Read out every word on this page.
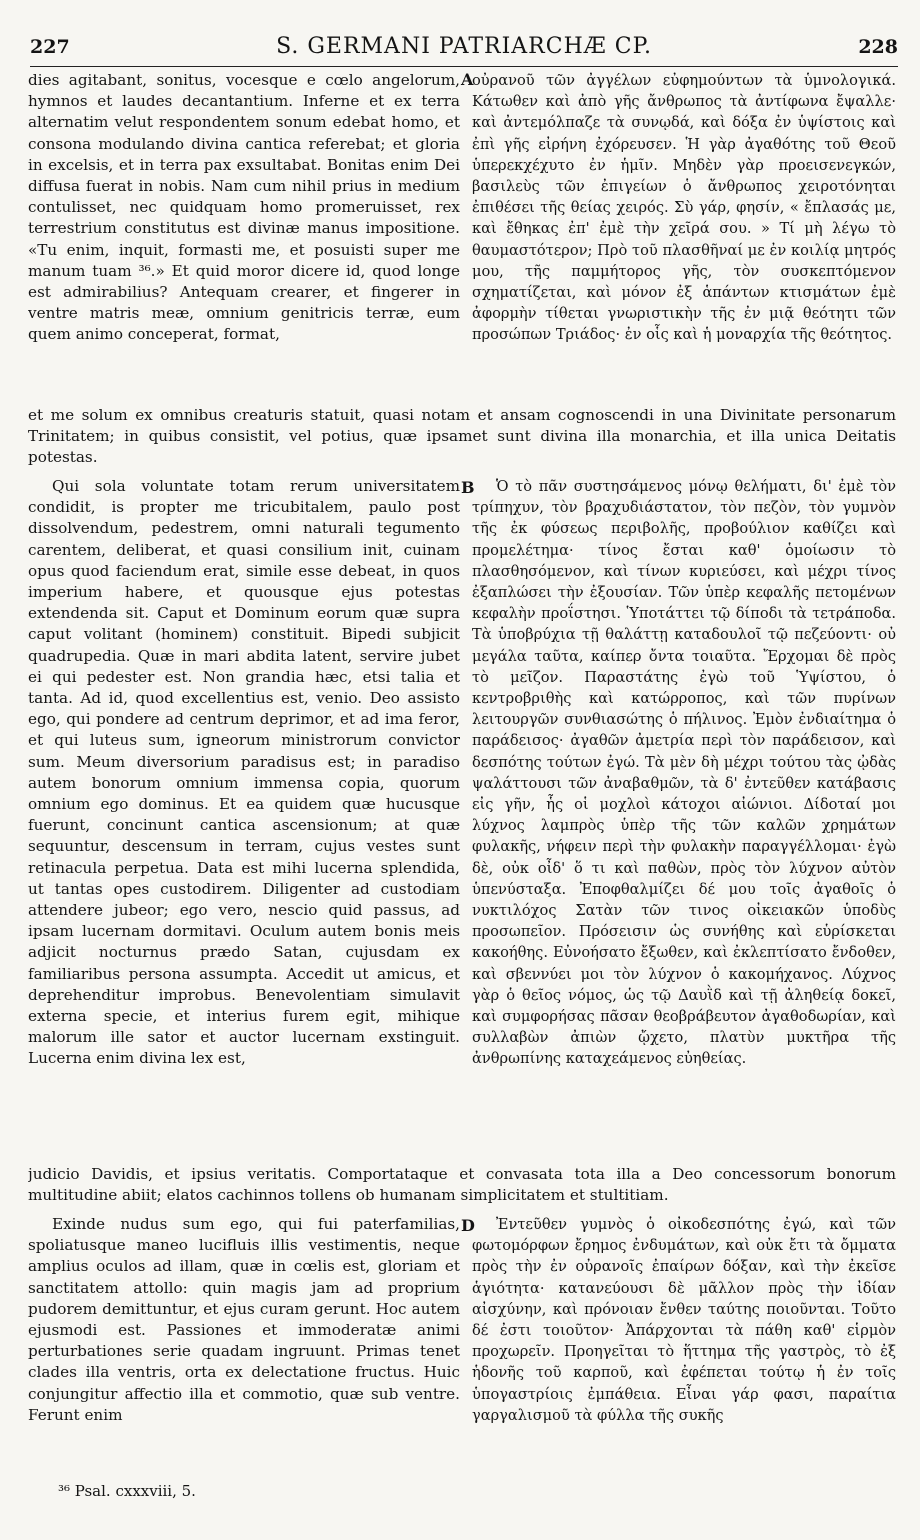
227	S. GERMANI PATRIARCHÆ CP.	228
dies agitabant, sonitus, vocesque e cœlo angelorum, hymnos et laudes decantantium. Inferne et ex terra alternatim velut respondentem sonum edebat homo, et consona modulando divina cantica referebat; et gloria in excelsis, et in terra pax exsultabat. Bonitas enim Dei diffusa fuerat in nobis. Nam cum nihil prius in medium contulisset, nec quidquam homo promeruisset, rex terrestrium constitutus est divinæ manus impositione. «Tu enim, inquit, formasti me, et posuisti super me manum tuam ³⁶.» Et quid moror dicere id, quod longe est admirabilius? Antequam crearer, et fingerer in ventre matris meæ, omnium genitricis terræ, eum quem animo conceperat, format,
A
οὐρανοῦ τῶν ἀγγέλων εὐφημούντων τὰ ὑμνολογικά. Κάτωθεν καὶ ἀπὸ γῆς ἄνθρωπος τὰ ἀντίφωνα ἔψαλλε· καὶ ἀντεμόλπαζε τὰ συνῳδά, καὶ δόξα ἐν ὑψίστοις καὶ ἐπὶ γῆς εἰρήνη ἐχόρευσεν. Ἡ γὰρ ἀγαθότης τοῦ Θεοῦ ὑπερεκχέχυτο ἐν ἡμῖν. Μηδὲν γὰρ προεισενεγκών, βασιλεὺς τῶν ἐπιγείων ὁ ἄνθρωπος χειροτόνηται ἐπιθέσει τῆς θείας χειρός. Σὺ γάρ, φησίν, « ἔπλασάς με, καὶ ἔθηκας ἐπ' ἐμὲ τὴν χεῖρά σου. » Τί μὴ λέγω τὸ θαυμαστότερον; Πρὸ τοῦ πλασθῆναί με ἐν κοιλίᾳ μητρός μου, τῆς παμμήτορος γῆς, τὸν συσκεπτόμενον σχηματίζεται, καὶ μόνον ἐξ ἁπάντων κτισμάτων ἐμὲ ἀφορμὴν τίθεται γνωριστικὴν τῆς ἐν μιᾷ θεότητι τῶν προσώπων Τριάδος· ἐν οἷς καὶ ἡ μοναρχία τῆς θεότητος.
et me solum ex omnibus creaturis statuit, quasi notam et ansam cognoscendi in una Divinitate personarum Trinitatem; in quibus consistit, vel potius, quæ ipsamet sunt divina illa monarchia, et illa unica Deitatis potestas.
Qui sola voluntate totam rerum universitatem condidit, is propter me tricubitalem, paulo post dissolvendum, pedestrem, omni naturali tegumento carentem, deliberat, et quasi consilium init, cuinam opus quod faciendum erat, simile esse debeat, in quos imperium habere, et quousque ejus potestas extendenda sit. Caput et Dominum eorum quæ supra caput volitant (hominem) constituit. Bipedi subjicit quadrupedia. Quæ in mari abdita latent, servire jubet ei qui pedester est. Non grandia hæc, etsi talia et tanta. Ad id, quod excellentius est, venio. Deo assisto ego, qui pondere ad centrum deprimor, et ad ima feror, et qui luteus sum, igneorum ministrorum convictor sum. Meum diversorium paradisus est; in paradiso autem bonorum omnium immensa copia, quorum omnium ego dominus. Et ea quidem quæ hucusque fuerunt, concinunt cantica ascensionum; at quæ sequuntur, descensum in terram, cujus vestes sunt retinacula perpetua. Data est mihi lucerna splendida, ut tantas opes custodirem. Diligenter ad custodiam attendere jubeor; ego vero, nescio quid passus, ad ipsam lucernam dormitavi. Oculum autem bonis meis adjicit nocturnus prædo Satan, cujusdam ex familiaribus persona assumpta. Accedit ut amicus, et deprehenditur improbus. Benevolentiam simulavit externa specie, et interius furem egit, mihique malorum ille sator et auctor lucernam exstinguit. Lucerna enim divina lex est,
B	Ὁ τὸ πᾶν συστησάμενος μόνῳ θελήματι, δι' ἐμὲ τὸν τρίπηχυν, τὸν βραχυδιάστατον, τὸν πεζὸν, τὸν γυμνὸν τῆς ἐκ φύσεως περιβολῆς, προβούλιον καθίζει καὶ προμελέτημα· τίνος ἔσται καθ' ὁμοίωσιν τὸ πλασθησόμενον, καὶ τίνων κυριεύσει, καὶ μέχρι τίνος ἐξαπλώσει τὴν ἐξουσίαν. Τῶν ὑπὲρ κεφαλῆς πετομένων κεφαλὴν προΐστησι. Ὑποτάττει τῷ δίποδι τὰ τετράποδα. Τὰ ὑποβρύχια τῇ θαλάττῃ καταδουλοῖ τῷ πεζεύοντι· οὐ μεγάλα ταῦτα, καίπερ ὄντα τοιαῦτα. Ἔρχομαι δὲ πρὸς τὸ μεῖζον. Παραστάτης ἐγὼ τοῦ Ὑψίστου, ὁ κεντροβριθὴς καὶ κατώρροπος, καὶ τῶν πυρίνων λειτουργῶν συνθιασώτης ὁ πήλινος. Ἐμὸν ἐνδιαίτημα ὁ παράδεισος· ἀγαθῶν ἀμετρία περὶ τὸν παράδεισον, καὶ δεσπότης τούτων ἐγώ. Τὰ μὲν δὴ μέχρι τούτου τὰς ᾠδὰς ψαλάττουσι τῶν ἀναβαθμῶν, τὰ δ' ἐντεῦθεν κατάβασις εἰς γῆν, ἧς οἱ μοχλοὶ κάτοχοι αἰώνιοι. Δίδοταί μοι λύχνος λαμπρὸς ὑπὲρ τῆς τῶν καλῶν χρημάτων φυλακῆς, νήφειν περὶ τὴν φυλακὴν παραγγέλλομαι· ἐγὼ δὲ, οὐκ οἶδ' ὅ τι καὶ παθὼν, πρὸς τὸν λύχνον αὐτὸν ὑπενύσταξα. Ἐποφθαλμίζει δέ μου τοῖς ἀγαθοῖς ὁ νυκτιλόχος Σατὰν τῶν τινος οἰκειακῶν ὑποδὺς προσωπεῖον. Πρόσεισιν ὡς συνήθης καὶ εὑρίσκεται κακοήθης. Εὐνοήσατο ἔξωθεν, καὶ ἐκλεπτίσατο ἔνδοθεν, καὶ σβεννύει μοι τὸν λύχνον ὁ κακομήχανος. Λύχνος γὰρ ὁ θεῖος νόμος, ὡς τῷ Δαυῒδ καὶ τῇ ἀληθείᾳ δοκεῖ, καὶ συμφορήσας πᾶσαν θεοβράβευτον ἀγαθοδωρίαν, καὶ συλλαβὼν ἀπιὼν ᾤχετο, πλατὺν μυκτῆρα τῆς ἀνθρωπίνης καταχεάμενος εὐηθείας.
judicio Davidis, et ipsius veritatis. Comportataque et convasata tota illa a Deo concessorum bonorum multitudine abiit; elatos cachinnos tollens ob humanam simplicitatem et stultitiam.
Exinde nudus sum ego, qui fui paterfamilias, spoliatusque maneo lucifluis illis vestimentis, neque amplius oculos ad illam, quæ in cœlis est, gloriam et sanctitatem attollo: quin magis jam ad proprium pudorem demittuntur, et ejus curam gerunt. Hoc autem ejusmodi est. Passiones et immoderatæ animi perturbationes serie quadam ingruunt. Primas tenet clades illa ventris, orta ex delectatione fructus. Huic conjungitur affectio illa et commotio, quæ sub ventre. Ferunt enim
D	Ἐντεῦθεν γυμνὸς ὁ οἰκοδεσπότης ἐγώ, καὶ τῶν φωτομόρφων ἔρημος ἐνδυμάτων, καὶ οὐκ ἔτι τὰ ὄμματα πρὸς τὴν ἐν οὐρανοῖς ἐπαίρων δόξαν, καὶ τὴν ἐκεῖσε ἁγιότητα· κατανεύουσι δὲ μᾶλλον πρὸς τὴν ἰδίαν αἰσχύνην, καὶ πρόνοιαν ἔνθεν ταύτης ποιοῦνται. Τοῦτο δέ ἐστι τοιοῦτον· Ἀπάρχονται τὰ πάθη καθ' εἱρμὸν προχωρεῖν. Προηγεῖται τὸ ἥττημα τῆς γαστρὸς, τὸ ἐξ ἡδονῆς τοῦ καρποῦ, καὶ ἐφέπεται τούτῳ ἡ ἐν τοῖς ὑπογαστρίοις ἐμπάθεια. Εἶναι γάρ φασι, παραίτια γαργαλισμοῦ τὰ φύλλα τῆς συκῆς
³⁶ Psal. cxxxviii, 5.
